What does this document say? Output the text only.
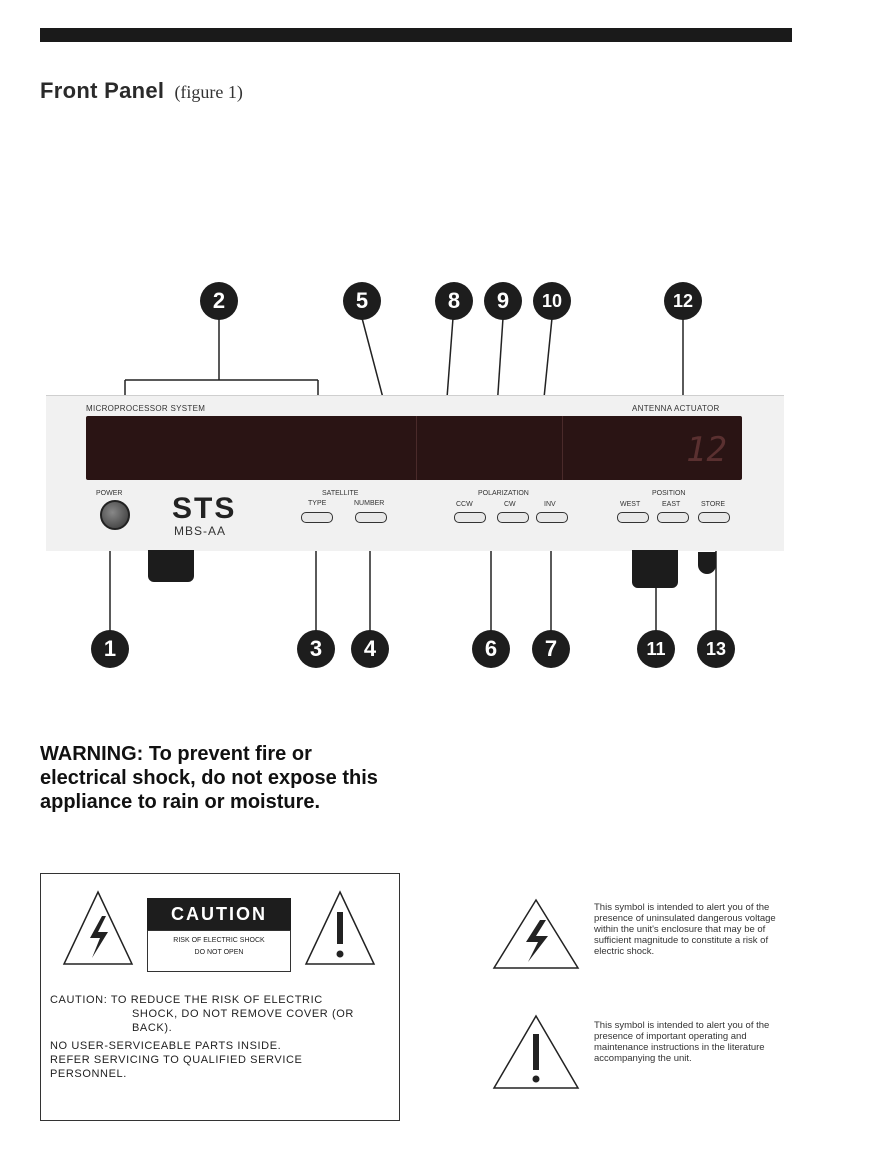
Front Panel (figure 1)
MICROPROCESSOR SYSTEM	ANTENNA ACTUATOR
12
POWER STS
MBS-AA
SATELLITE
TYPE	NUMBER
POLARIZATION
CCW	CW	INV
POSITION
WEST	EAST	STORE
2	5	8	9	10	12
1	3	4	6	7	11	13
WARNING: To prevent fire or electrical shock, do not expose this appliance to rain or moisture.
CAUTION
RISK OF ELECTRIC SHOCK
DO NOT OPEN
CAUTION: TO REDUCE THE RISK OF ELECTRIC
SHOCK, DO NOT REMOVE COVER (OR
BACK).
NO USER-SERVICEABLE PARTS INSIDE.
REFER SERVICING TO QUALIFIED SERVICE
PERSONNEL.
This symbol is intended to alert you of the presence of uninsulated dangerous voltage within the unit's enclosure that may be of sufficient magnitude to constitute a risk of electric shock.
This symbol is intended to alert you of the presence of important operating and maintenance instructions in the literature accompanying the unit.
